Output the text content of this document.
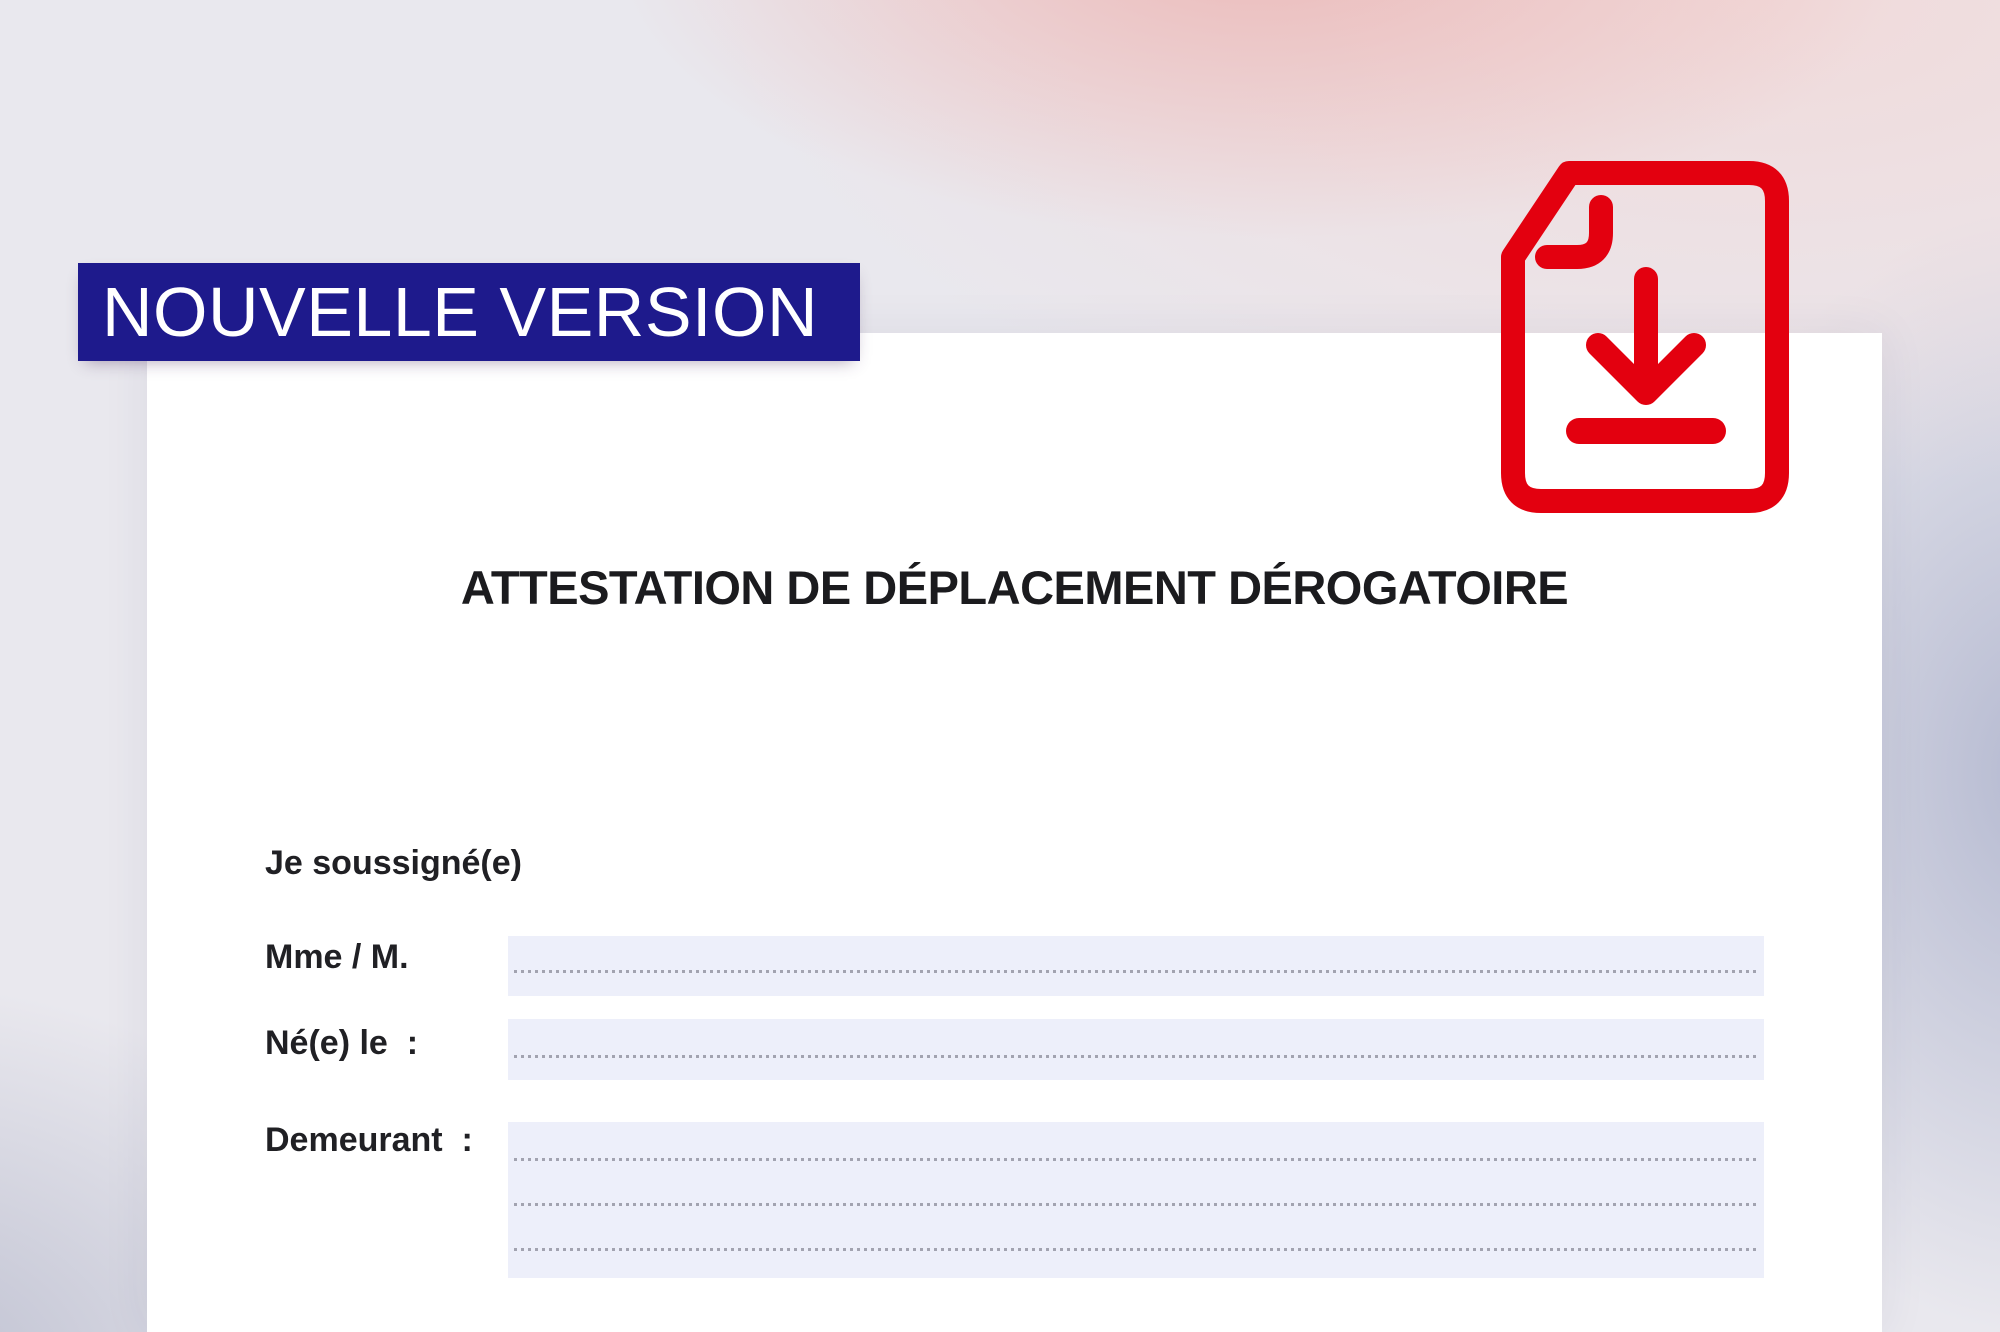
ATTESTATION DE DÉPLACEMENT DÉROGATOIRE
Je soussigné(e)
Mme / M.
Né(e) le  :
Demeurant  :
NOUVELLE VERSION
